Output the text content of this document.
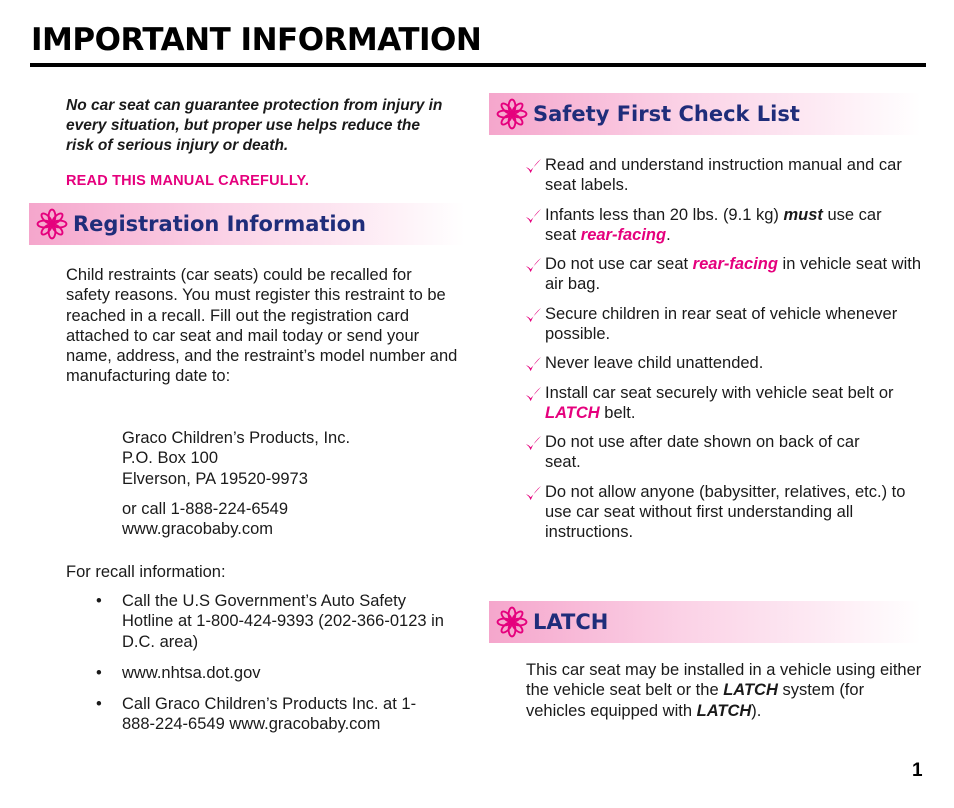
IMPORTANT INFORMATION
No car seat can guarantee protection from injury in every situation, but proper use helps reduce the risk of serious injury or death.
READ THIS MANUAL CAREFULLY.
Registration Information
Child restraints (car seats) could be recalled for safety reasons. You must register this restraint to be reached in a recall. Fill out the registration card attached to car seat and mail today or send your name, address, and the restraint’s model number and manufacturing date to:
Graco Children’s Products, Inc.
P.O. Box 100
Elverson, PA 19520-9973
or call 1-888-224-6549
www.gracobaby.com
For recall information:
• Call the U.S Government’s Auto Safety Hotline at 1-800-424-9393 (202-366-0123 in D.C. area)
• www.nhtsa.dot.gov
• Call Graco Children’s Products Inc. at 1-888-224-6549 www.gracobaby.com
Safety First Check List
Read and understand instruction manual and car seat labels.
Infants less than 20 lbs. (9.1 kg) must use car seat rear-facing.
Do not use car seat rear-facing in vehicle seat with air bag.
Secure children in rear seat of vehicle whenever possible.
Never leave child unattended.
Install car seat securely with vehicle seat belt or LATCH belt.
Do not use after date shown on back of car seat.
Do not allow anyone (babysitter, relatives, etc.) to use car seat without first understanding all instructions.
LATCH
This car seat may be installed in a vehicle using either the vehicle seat belt or the LATCH system (for vehicles equipped with LATCH).
1
